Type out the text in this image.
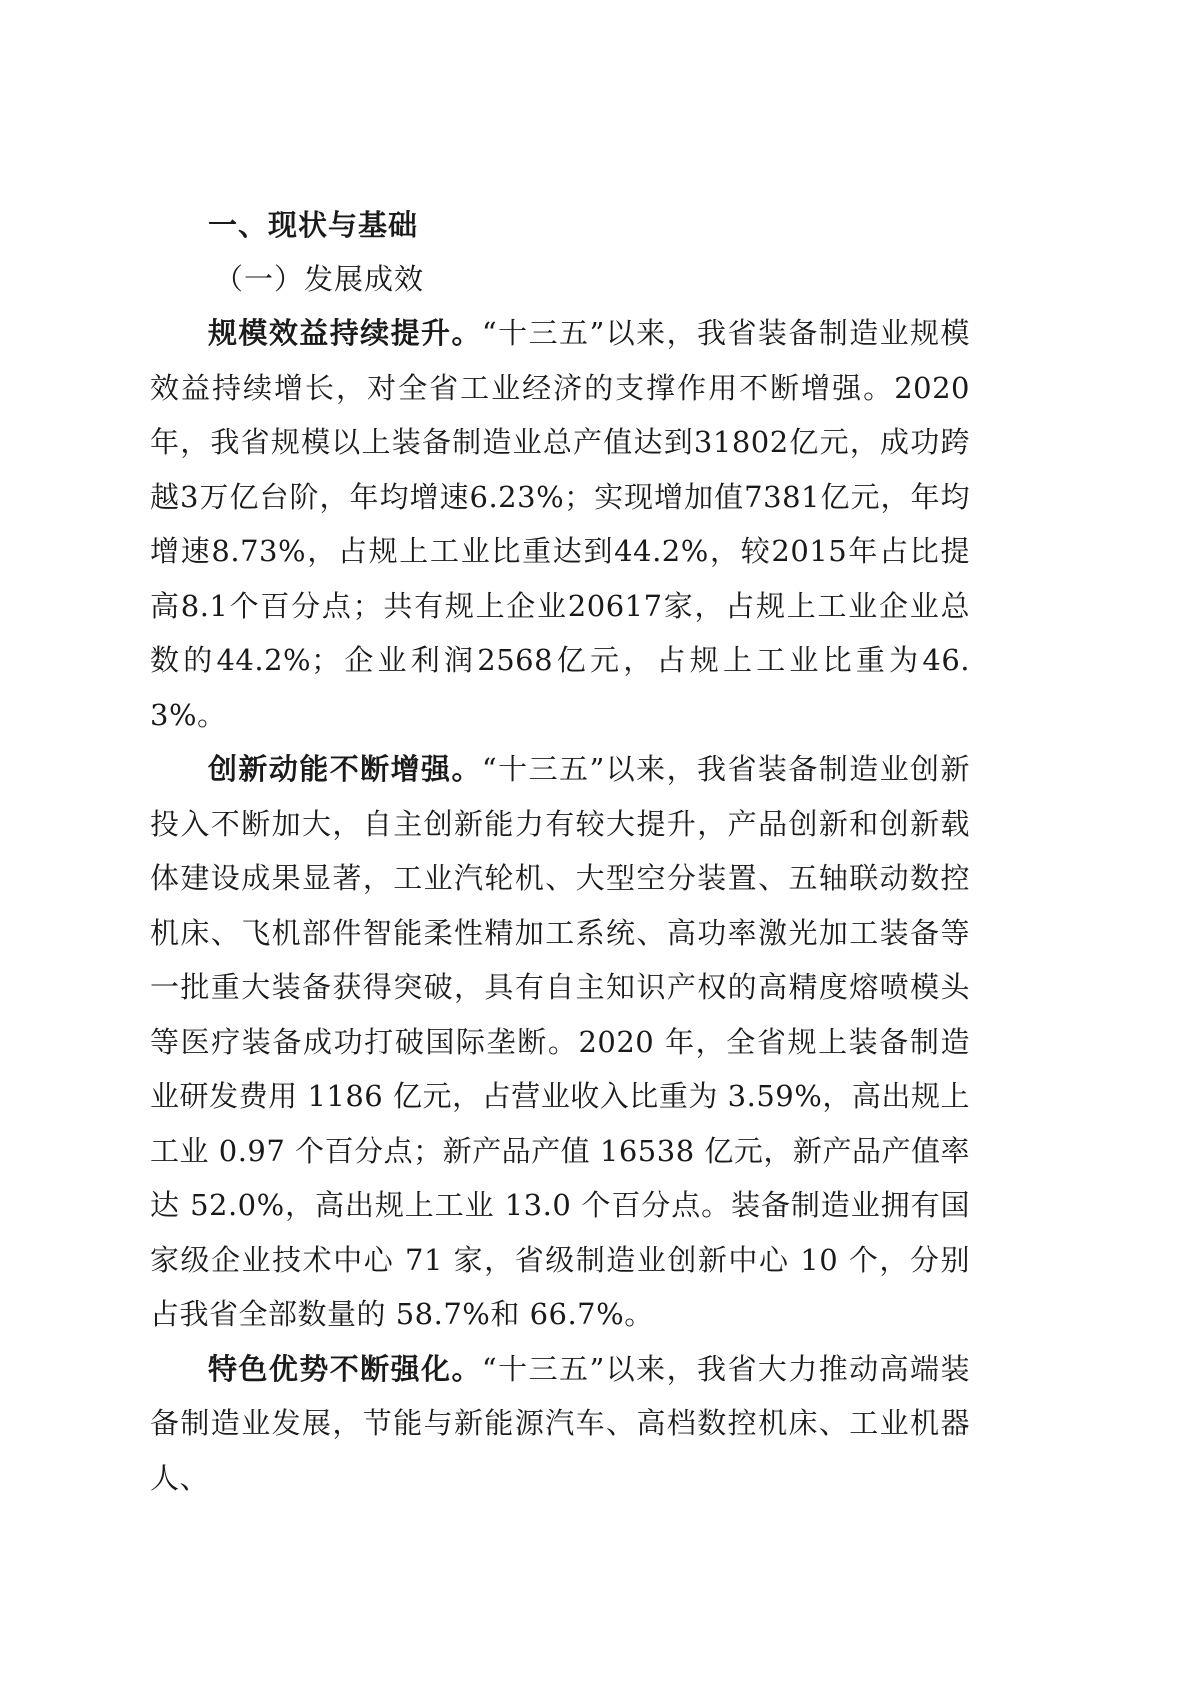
一、现状与基础
（一）发展成效

规模效益持续提升。“十三五”以来，我省装备制造业规模效益持续增长，对全省工业经济的支撑作用不断增强。2020年，我省规模以上装备制造业总产值达到31802亿元，成功跨越3万亿台阶，年均增速6.23%；实现增加值7381亿元，年均增速8.73%，占规上工业比重达到44.2%，较2015年占比提高8.1个百分点；共有规上企业20617家，占规上工业企业总数的44.2%；企业利润2568亿元，占规上工业比重为46.3%。

创新动能不断增强。“十三五”以来，我省装备制造业创新投入不断加大，自主创新能力有较大提升，产品创新和创新载体建设成果显著，工业汽轮机、大型空分装置、五轴联动数控机床、飞机部件智能柔性精加工系统、高功率激光加工装备等一批重大装备获得突破，具有自主知识产权的高精度熔喷模头等医疗装备成功打破国际垄断。2020 年，全省规上装备制造业研发费用 1186 亿元，占营业收入比重为 3.59%，高出规上工业 0.97 个百分点；新产品产值 16538 亿元，新产品产值率达 52.0%，高出规上工业 13.0 个百分点。装备制造业拥有国家级企业技术中心 71 家，省级制造业创新中心 10 个，分别占我省全部数量的 58.7%和 66.7%。

特色优势不断强化。“十三五”以来，我省大力推动高端装备制造业发展，节能与新能源汽车、高档数控机床、工业机器人、
